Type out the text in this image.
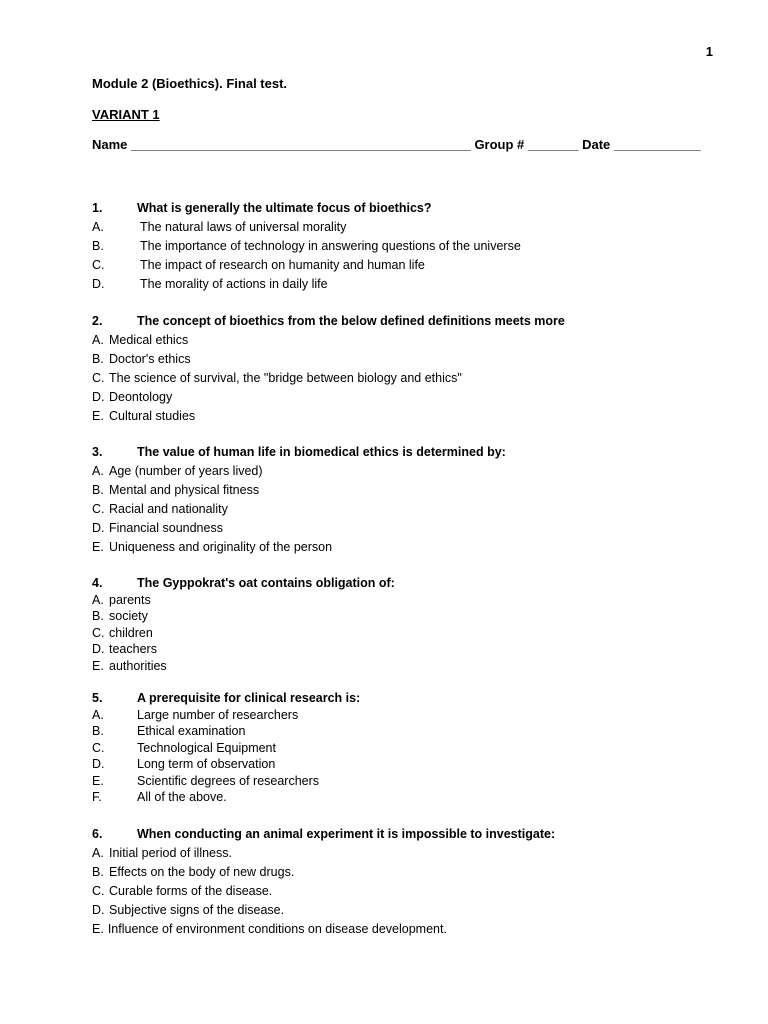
1
Module 2 (Bioethics). Final test.
VARIANT 1
Name _______________________________________________ Group # _______ Date ____________
1.	What is generally the ultimate focus of bioethics?
A.	The natural laws of universal morality
B.	The importance of technology in answering questions of the universe
C.	The impact of research on humanity and human life
D.	The morality of actions in daily life
2.	The concept of bioethics from the below defined definitions meets more
A. Medical ethics
B. Doctor's ethics
C. The science of survival, the "bridge between biology and ethics"
D. Deontology
E. Cultural studies
3.	The value of human life in biomedical ethics is determined by:
A. Age (number of years lived)
B. Mental and physical fitness
C. Racial and nationality
D. Financial soundness
E. Uniqueness and originality of the person
4.	The Gyppokrat's oat contains obligation of:
A. parents
B. society
C. children
D. teachers
E. authorities
5.	A prerequisite for clinical research is:
A.	Large number of researchers
B.	Ethical examination
C.	Technological Equipment
D.	Long term of observation
E.	Scientific degrees of researchers
F.	All of the above.
6.	When conducting an animal experiment it is impossible to investigate:
A. Initial period of illness.
B. Effects on the body of new drugs.
C. Curable forms of the disease.
D. Subjective signs of the disease.
E. Influence of environment conditions on disease development.
